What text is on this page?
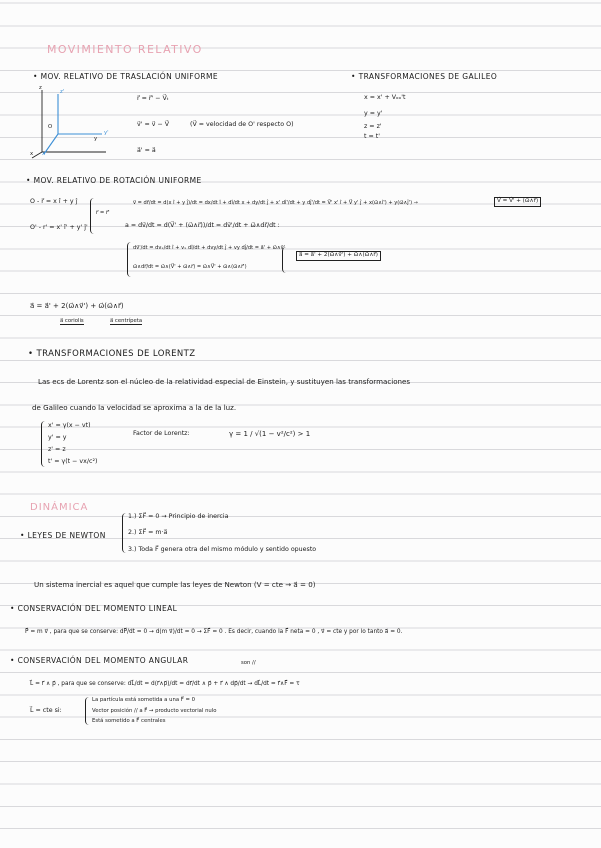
MOVIMIENTO RELATIVO
• MOV. RELATIVO DE TRASLACIÓN UNIFORME	• TRANSFORMACIONES DE GALILEO
z
z'
y
y'
x x'
O
r⃗ = r⃗' − V⃗ₜ
v⃗' = v⃗ − V⃗	(V⃗ = velocidad de O' respecto O)
a⃗' = a⃗
x = x' + Vₒₒ't
y = y'
z = z'
t = t'
• MOV. RELATIVO DE ROTACIÓN UNIFORME
O - r⃗ = x î + y ĵ
O' - r' = x' î' + y' ĵ'
r⃗ = r⃗'
v⃗ = dr⃗/dt = d(x î + y ĵ)/dt = dx/dt î + dî/dt x + dy/dt ĵ + x' dî'/dt + y dĵ'/dt = V⃗' x' î + V⃗ y' ĵ + x(ω⃗∧î') + y(ω⃗∧ĵ') →	V⃗ = V⃗' + (ω⃗∧r⃗)
a = dv⃗/dt = d(V⃗' + (ω⃗∧r⃗))/dt = dv⃗'/dt + ω⃗∧dr⃗/dt :
dv⃗'/dt = dvₓ/dt î + vₓ dî/dt + dvy/dt ĵ + vy dĵ/dt = a⃗' + ω⃗∧v⃗'
ω⃗∧dr⃗/dt = ω⃗∧(V⃗' + ω⃗∧r⃗) = ω⃗∧V⃗' + ω⃗∧(ω⃗∧r⃗')
a⃗ = a⃗' + 2(ω⃗∧v⃗') + ω⃗∧(ω⃗∧r⃗)
a⃗ = a⃗' + 2(ω⃗∧v⃗') + ω⃗(ω⃗∧r⃗)
a⃗ coriolis	a⃗ centrípeta
• TRANSFORMACIONES DE LORENTZ
Las ecs de Lorentz son el núcleo de la relatividad especial de Einstein, y sustituyen las transformaciones
de Galileo cuando la velocidad se aproxima a la de la luz.
x' = γ(x − vt)
y' = y
z' = z
t' = γ(t − vx/c²)
Factor de Lorentz:	γ = 1 / √(1 − v²/c²) > 1
DINÁMICA
• LEYES DE NEWTON
1.) ΣF⃗ = 0 → Principio de inercia
2.) ΣF⃗ = m·a⃗
3.) Toda F⃗ genera otra del mismo módulo y sentido opuesto
Un sistema inercial es aquel que cumple las leyes de Newton (V = cte → a⃗ = 0)
• CONSERVACIÓN DEL MOMENTO LINEAL
P⃗ = m v⃗ , para que se conserve: dP⃗/dt = 0 → d(m v⃗)/dt = 0 → ΣF⃗ = 0 . Es decir, cuando la F⃗ neta = 0 , v⃗ = cte y por lo tanto a⃗ = 0.
• CONSERVACIÓN DEL MOMENTO ANGULAR	son //
L⃗ = r⃗ ∧ p⃗ , para que se conserve: dL⃗/dt = d(r⃗∧p⃗)/dt = dr⃗/dt ∧ p⃗ + r⃗ ∧ dp⃗/dt → dL⃗/dt = r⃗∧F⃗ = τ
L⃗ = cte si:
La partícula está sometida a una F⃗ = 0
Vector posición // a F⃗ → producto vectorial nulo
Está sometido a F⃗ centrales
